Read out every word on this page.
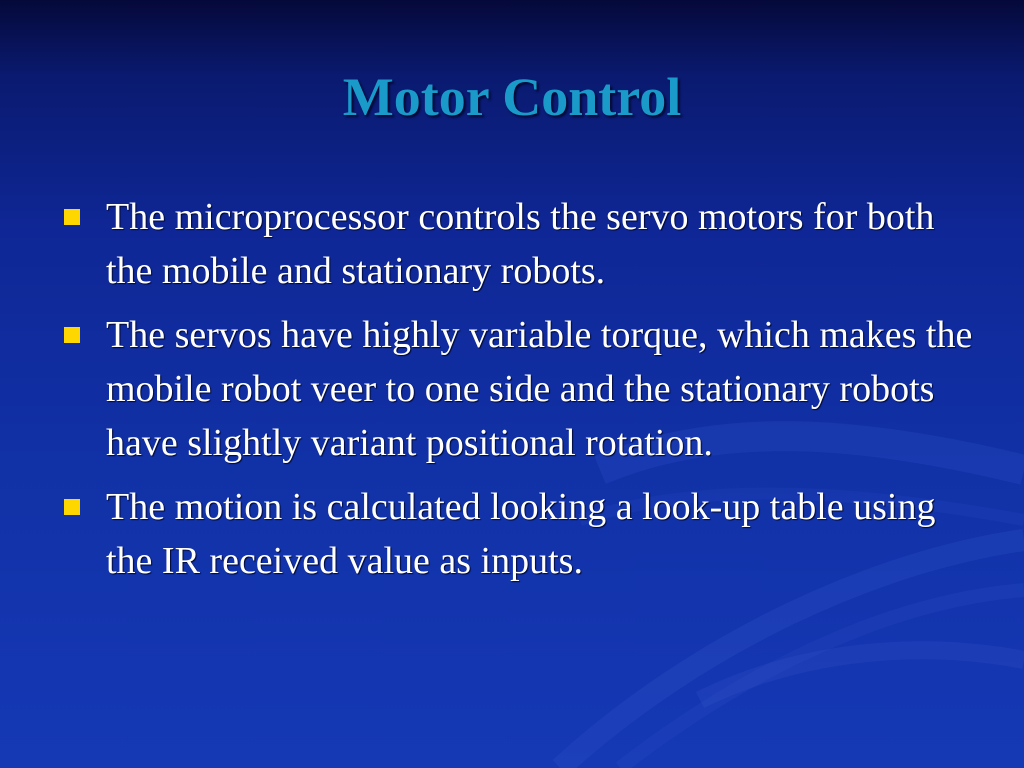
Motor Control
The microprocessor controls the servo motors for both the mobile and stationary robots.
The servos have highly variable torque, which makes the mobile robot veer to one side and the stationary robots have slightly variant positional rotation.
The motion is calculated looking a look-up table using the IR received value as inputs.
